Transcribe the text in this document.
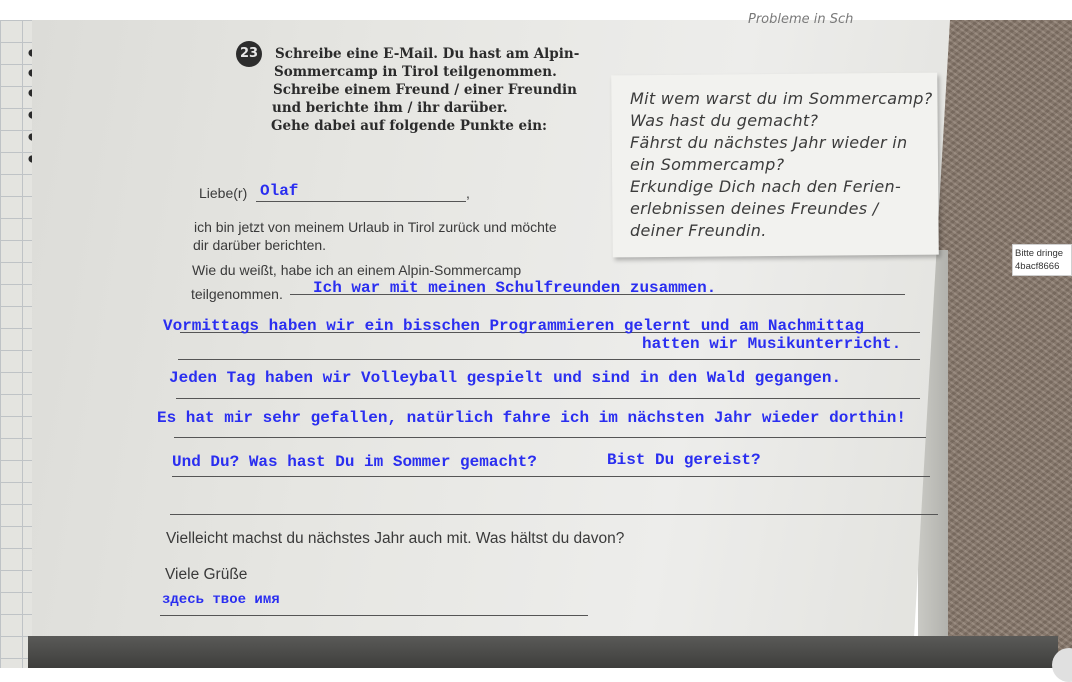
Probleme in Sch
23 Schreibe eine E-Mail. Du hast am Alpin-
Sommercamp in Tirol teilgenommen.
Schreibe einem Freund / einer Freundin
und berichte ihm / ihr darüber.
Gehe dabei auf folgende Punkte ein:
Mit wem warst du im Sommercamp?
Was hast du gemacht?
Fährst du nächstes Jahr wieder in
ein Sommercamp?
Erkundige Dich nach den Ferien-
erlebnissen deines Freundes /
deiner Freundin.
Liebe(r)	,
Olaf
ich bin jetzt von meinem Urlaub in Tirol zurück und möchte
dir darüber berichten.
Wie du weißt, habe ich an einem Alpin-Sommercamp
teilgenommen. Ich war mit meinen Schulfreunden zusammen.
Vormittags haben wir ein bisschen Programmieren gelernt und am Nachmittag
hatten wir Musikunterricht.
Jeden Tag haben wir Volleyball gespielt und sind in den Wald gegangen.
Es hat mir sehr gefallen, natürlich fahre ich im nächsten Jahr wieder dorthin!
Und Du? Was hast Du im Sommer gemacht?	Bist Du gereist?
Vielleicht machst du nächstes Jahr auch mit. Was hältst du davon?
Viele Grüße
здесь твое имя
Bitte dringe
4bacf8666
